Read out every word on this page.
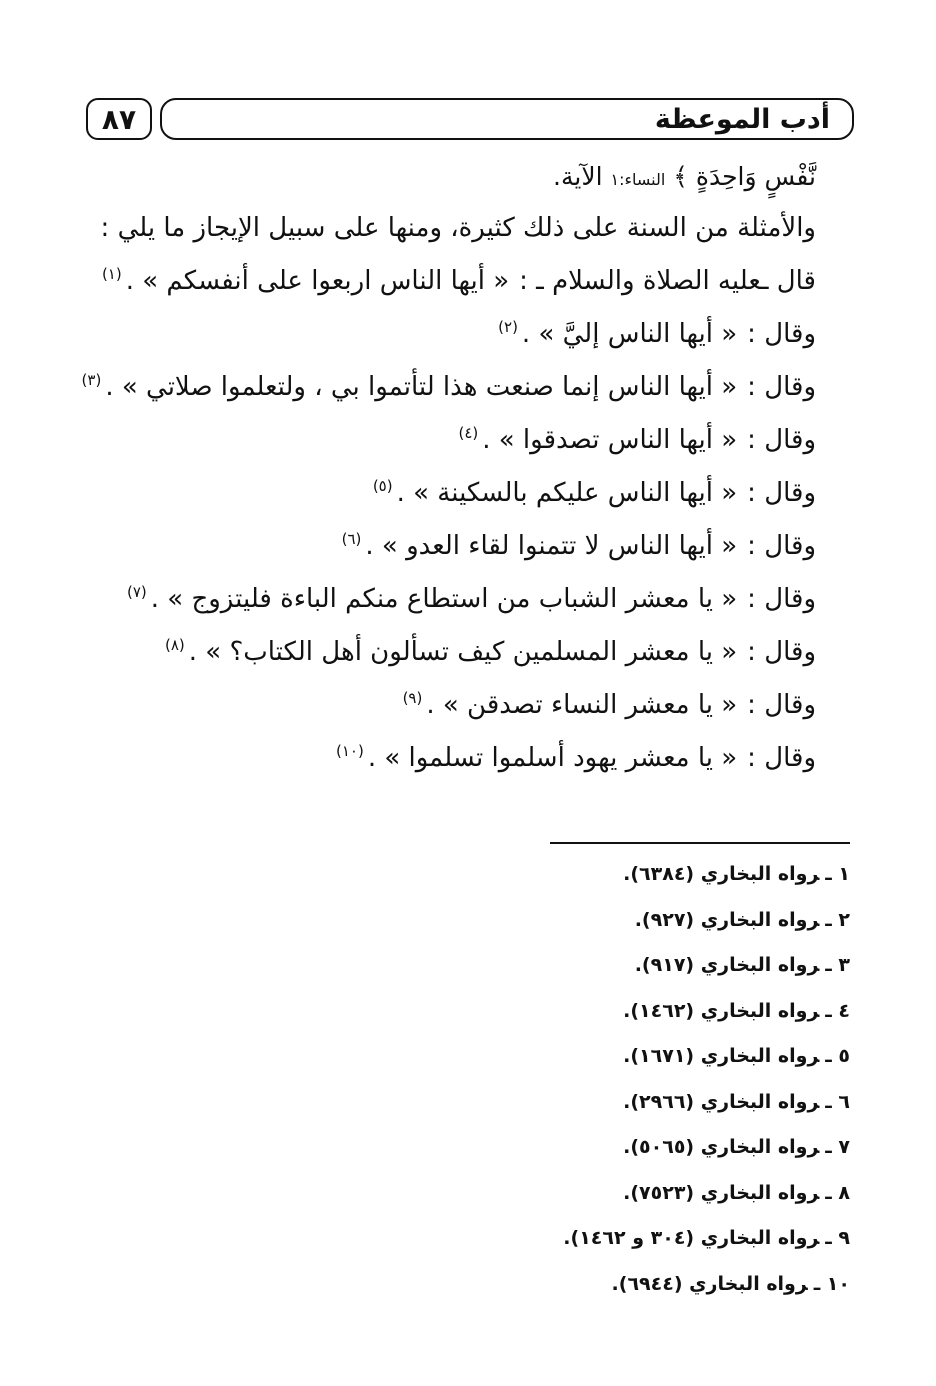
٨٧	أدب الموعظة
نَّفْسٍ وَاحِدَةٍ ﴾ النساء:١ الآية.
والأمثلة من السنة على ذلك كثيرة، ومنها على سبيل الإيجاز ما يلي :
قال ـعليه الصلاة والسلام ـ :« أيها الناس اربعوا على أنفسكم » .$^{(١)}$
وقال :« أيها الناس إليَّ » .$^{(٢)}$
وقال :« أيها الناس إنما صنعت هذا لتأتموا بي ، ولتعلموا صلاتي » .$^{(٣)}$
وقال :« أيها الناس تصدقوا » .$^{(٤)}$
وقال :« أيها الناس عليكم بالسكينة » .$^{(٥)}$
وقال :« أيها الناس لا تتمنوا لقاء العدو » .$^{(٦)}$
وقال :« يا معشر الشباب من استطاع منكم الباءة فليتزوج » .$^{(٧)}$
وقال :« يا معشر المسلمين كيف تسألون أهل الكتاب؟ » .$^{(٨)}$
وقال :« يا معشر النساء تصدقن » .$^{(٩)}$
وقال :« يا معشر يهود أسلموا تسلموا » .$^{(١٠)}$
١ ـرواه البخاري (٦٣٨٤).
٢ ـرواه البخاري (٩٢٧).
٣ ـرواه البخاري (٩١٧).
٤ ـرواه البخاري (١٤٦٢).
٥ ـرواه البخاري (١٦٧١).
٦ ـرواه البخاري (٢٩٦٦).
٧ ـرواه البخاري (٥٠٦٥).
٨ ـرواه البخاري (٧٥٢٣).
٩ ـرواه البخاري (٣٠٤ و ١٤٦٢).
١٠ ـرواه البخاري (٦٩٤٤).
